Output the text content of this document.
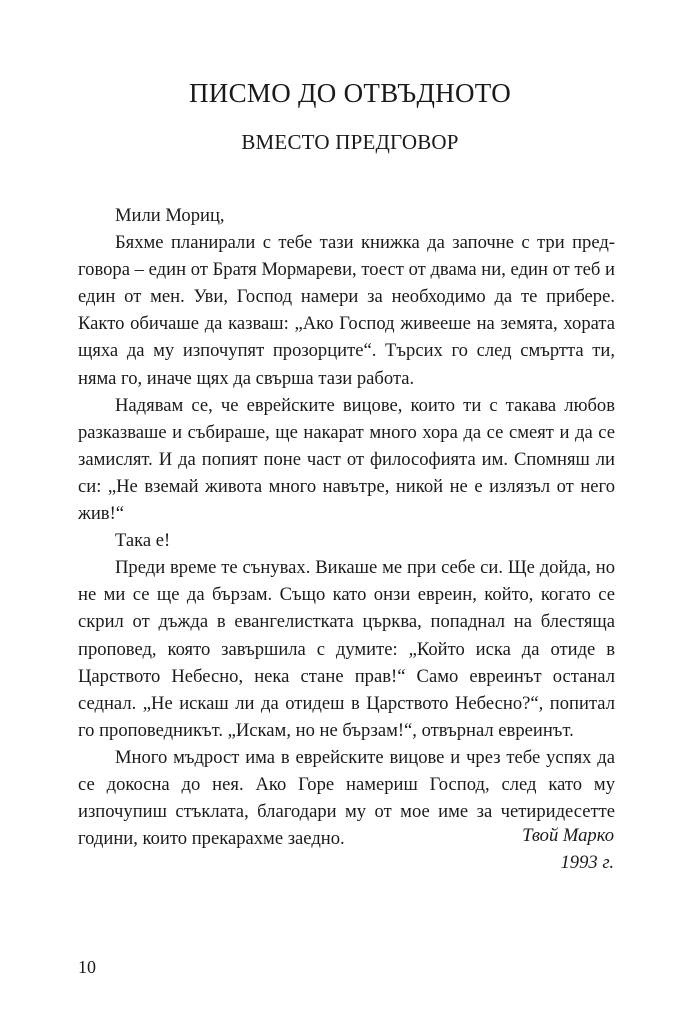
ПИСМО ДО ОТВЪДНОТО
ВМЕСТО ПРЕДГОВОР

Мили Мориц,

Бяхме планирали с тебе тази книжка да започне с три предговора – един от Братя Мормареви, тоест от двама ни, един от теб и един от мен. Уви, Господ намери за необходимо да те прибере. Както обичаше да казваш: „Ако Господ живееше на земята, хората щяха да му изпочупят прозорците“. Търсих го след смъртта ти, няма го, иначе щях да свърша тази работа.

Надявам се, че еврейските вицове, които ти с такава любов разказваше и събираше, ще накарат много хора да се смеят и да се замислят. И да попият поне част от философията им. Спомняш ли си: „Не вземай живота много навътре, никой не е излязъл от него жив!“

Така е!

Преди време те сънувах. Викаше ме при себе си. Ще дойда, но не ми се ще да бързам. Също като онзи евреин, който, когато се скрил от дъжда в евангелистката църква, попаднал на блестяща проповед, която завършила с думите: „Който иска да отиде в Царството Небесно, нека стане прав!“ Само евреинът останал седнал. „Не искаш ли да отидеш в Царството Небесно?“, попитал го проповедникът. „Искам, но не бързам!“, отвърнал евреинът.

Много мъдрост има в еврейските вицове и чрез тебе успях да се докосна до нея. Ако Горе намериш Господ, след като му изпочупиш стъклата, благодари му от мое име за четиридесетте години, които прекарахме заедно.	Твой Марко
1993 г.
10
